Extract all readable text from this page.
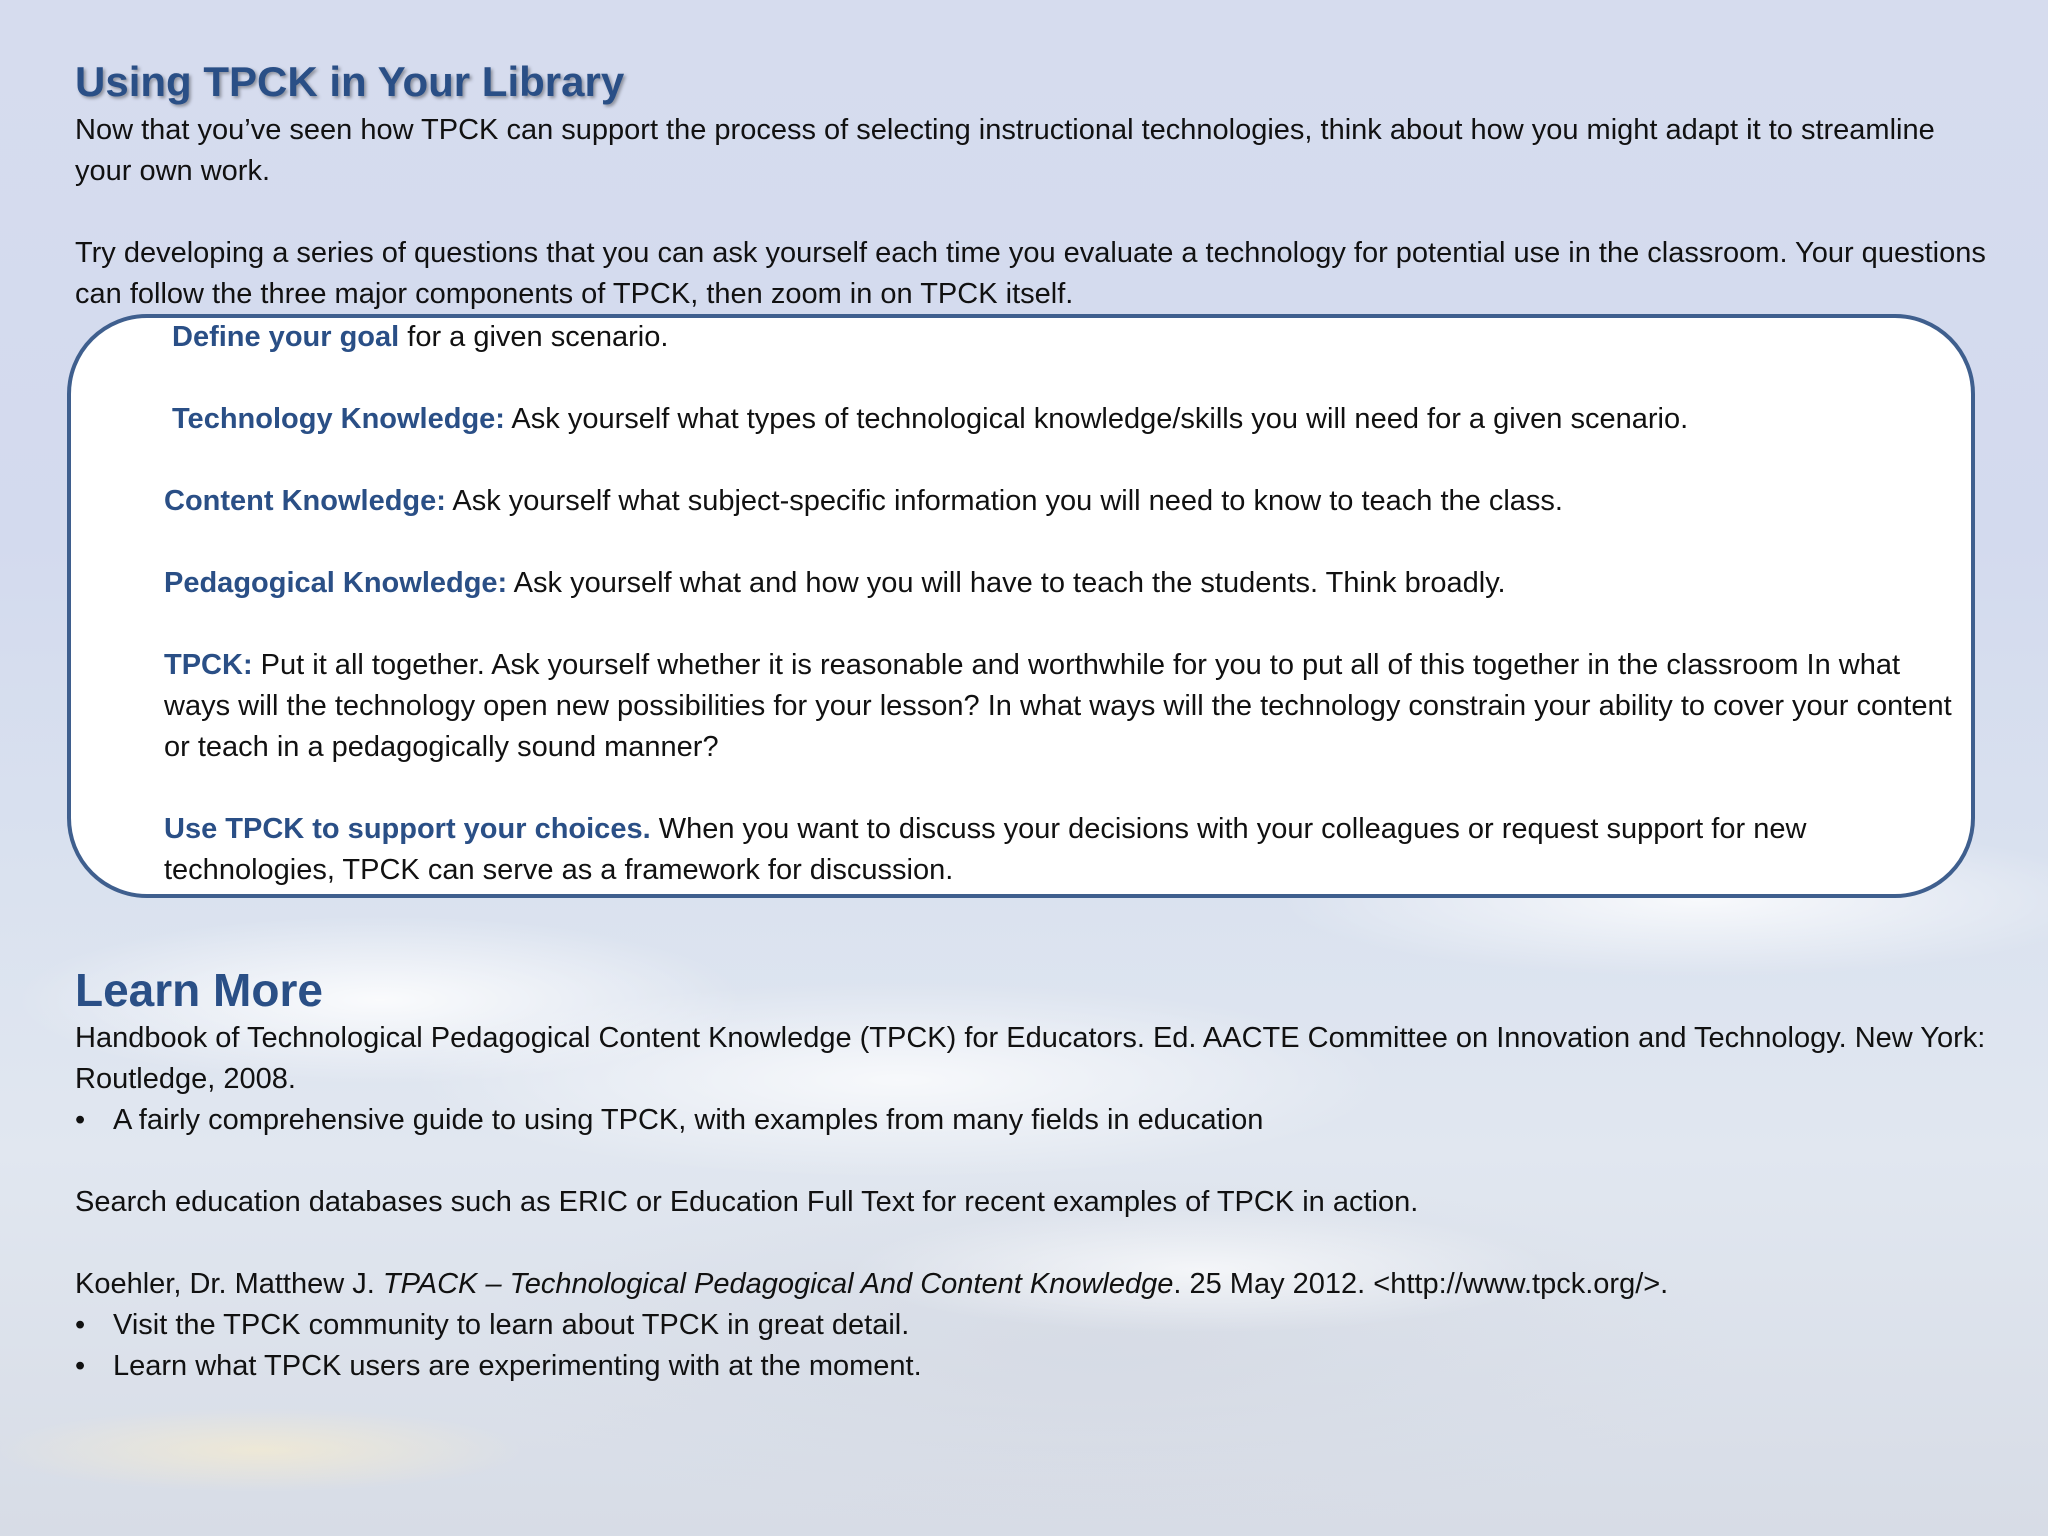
Using TPCK in Your Library

Now that you’ve seen how TPCK can support the process of selecting instructional technologies, think about how you might adapt it to streamline your own work.

Try developing a series of questions that you can ask yourself each time you evaluate a technology for potential use in the classroom. Your questions can follow the three major components of TPCK, then zoom in on TPCK itself.

Define your goal for a given scenario.

Technology Knowledge: Ask yourself what types of technological knowledge/skills you will need for a given scenario.

Content Knowledge: Ask yourself what subject-specific information you will need to know to teach the class.

Pedagogical Knowledge: Ask yourself what and how you will have to teach the students. Think broadly.

TPCK: Put it all together. Ask yourself whether it is reasonable and worthwhile for you to put all of this together in the classroom In what ways will the technology open new possibilities for your lesson? In what ways will the technology constrain your ability to cover your content or teach in a pedagogically sound manner?

Use TPCK to support your choices. When you want to discuss your decisions with your colleagues or request support for new technologies, TPCK can serve as a framework for discussion.

Learn More

Handbook of Technological Pedagogical Content Knowledge (TPCK) for Educators. Ed. AACTE Committee on Innovation and Technology. New York: Routledge, 2008.

• A fairly comprehensive guide to using TPCK, with examples from many fields in education

Search education databases such as ERIC or Education Full Text for recent examples of TPCK in action.

Koehler, Dr. Matthew J. TPACK – Technological Pedagogical And Content Knowledge. 25 May 2012. <http://www.tpck.org/>.

• Visit the TPCK community to learn about TPCK in great detail.

• Learn what TPCK users are experimenting with at the moment.
